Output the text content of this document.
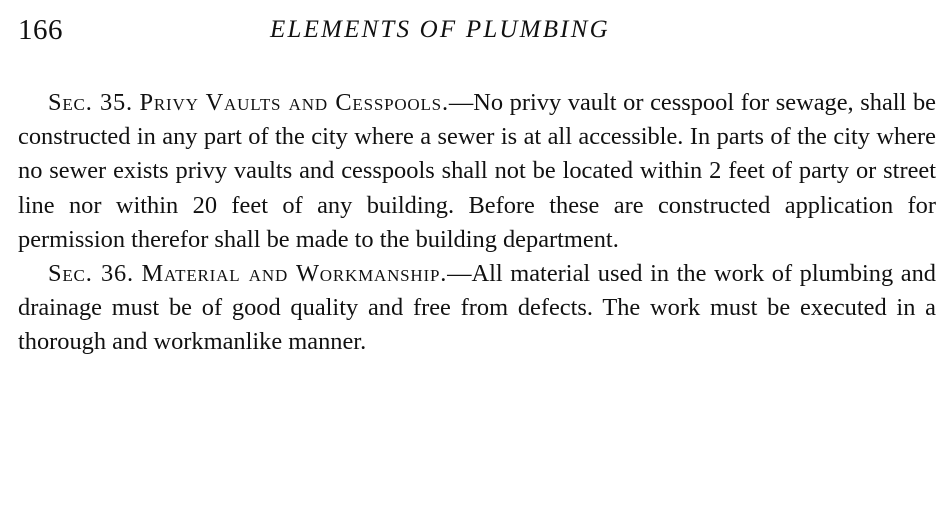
166	ELEMENTS OF PLUMBING

Sec. 35. Privy Vaults and Cesspools.—No privy vault or cesspool for sewage, shall be constructed in any part of the city where a sewer is at all accessible. In parts of the city where no sewer exists privy vaults and cesspools shall not be located within 2 feet of party or street line nor within 20 feet of any building. Before these are constructed application for permission therefor shall be made to the building department.

Sec. 36. Material and Workmanship.—All material used in the work of plumbing and drainage must be of good quality and free from defects. The work must be executed in a thorough and workmanlike manner.
